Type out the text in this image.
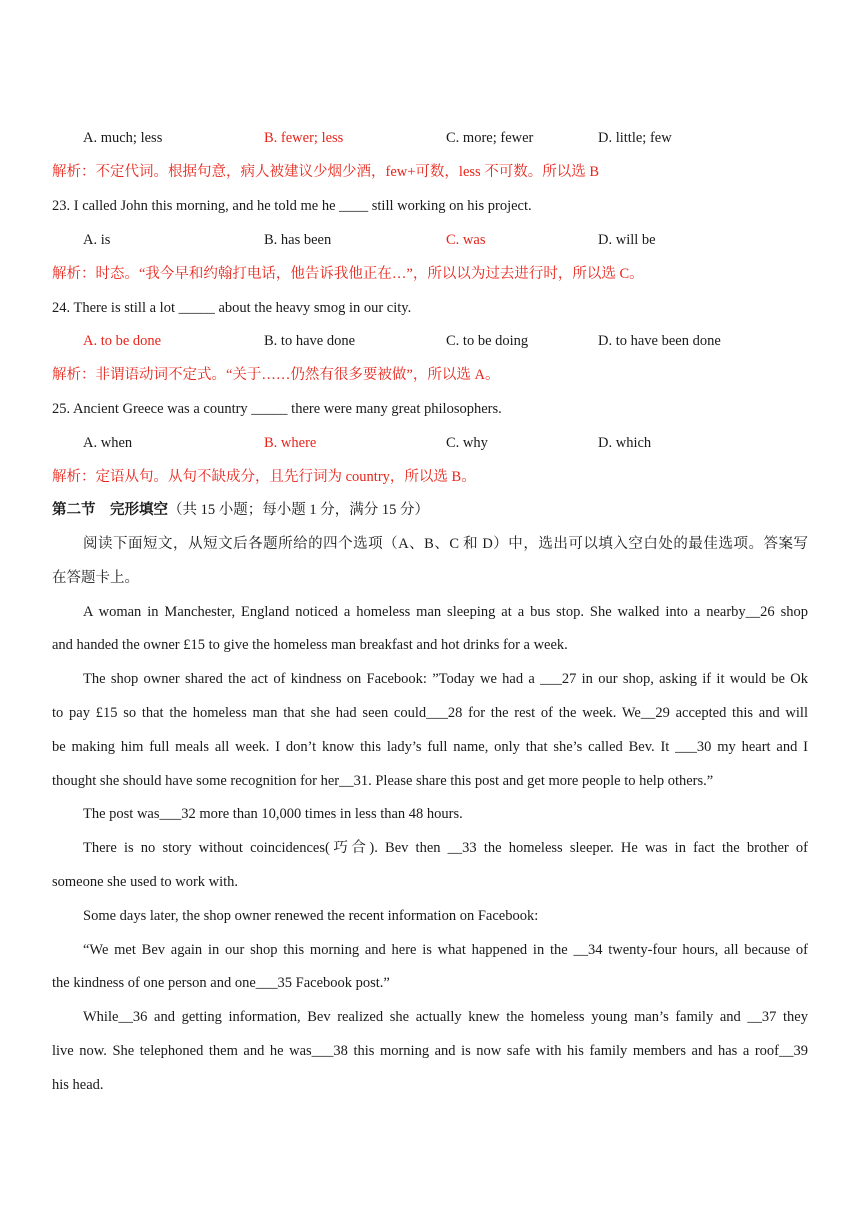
A. much; less	B. fewer; less	C. more; fewer	D. little; few
解析：不定代词。根据句意，病人被建议少烟少酒，few+可数，less 不可数。所以选 B
23. I called John this morning, and he told me he ____ still working on his project.
A. is	B. has been	C. was	D. will be
解析：时态。“我今早和约翰打电话，他告诉我他正在…”，所以以为过去进行时，所以选 C。
24. There is still a lot _____ about the heavy smog in our city.
A. to be done	B. to have done	C. to be doing	D. to have been done
解析：非谓语动词不定式。“关于……仍然有很多要被做”，所以选 A。
25. Ancient Greece was a country _____ there were many great philosophers.
A. when	B. where	C. why	D. which
解析：定语从句。从句不缺成分，且先行词为 country，所以选 B。
第二节　完形填空（共 15 小题；每小题 1 分，满分 15 分）
阅读下面短文，从短文后各题所给的四个选项（A、B、C 和 D）中，选出可以填入空白处的最佳选项。答案写
在答题卡上。
A woman in Manchester, England noticed a homeless man sleeping at a bus stop. She walked into a nearby__26 shop
and handed the owner £15 to give the homeless man breakfast and hot drinks for a week.
The shop owner shared the act of kindness on Facebook: ”Today we had a ___27 in our shop, asking if it would be Ok
to pay £15 so that the homeless man that she had seen could___28 for the rest of the week. We__29 accepted this and will
be making him full meals all week. I don’t know this lady’s full name, only that she’s called Bev. It ___30 my heart and I
thought she should have some recognition for her__31. Please share this post and get more people to help others.”
The post was___32 more than 10,000 times in less than 48 hours.
There is no story without coincidences(巧合). Bev then __33 the homeless sleeper. He was in fact the brother of
someone she used to work with.
Some days later, the shop owner renewed the recent information on Facebook:
“We met Bev again in our shop this morning and here is what happened in the __34 twenty-four hours, all because of
the kindness of one person and one___35 Facebook post.”
While__36 and getting information, Bev realized she actually knew the homeless young man’s family and __37 they
live now. She telephoned them and he was___38 this morning and is now safe with his family members and has a roof__39
his head.
